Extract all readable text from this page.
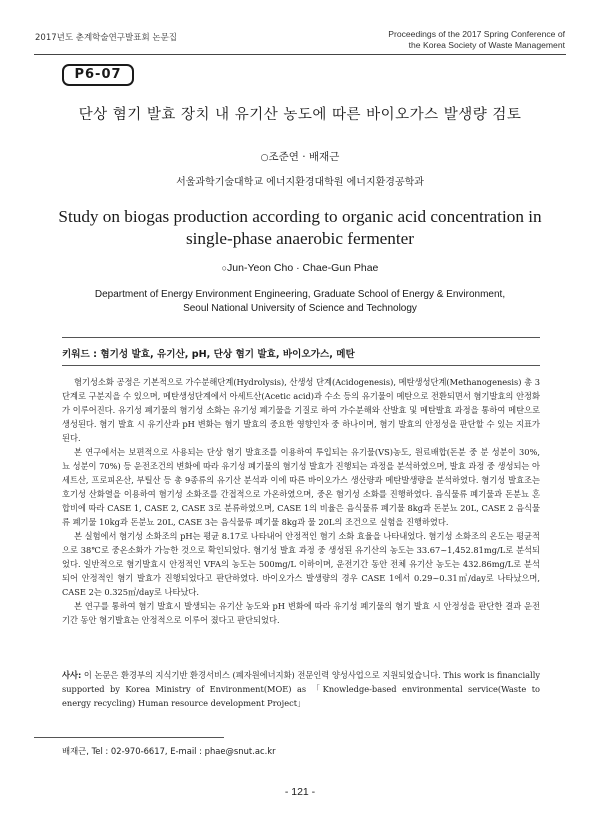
2017년도 춘계학술연구발표회 논문집	Proceedings of the 2017 Spring Conference of
the Korea Society of Waste Management
P6-07
단상 혐기 발효 장치 내 유기산 농도에 따른 바이오가스 발생량 검토
○조준연 · 배재근
서울과학기술대학교 에너지환경대학원 에너지환경공학과
Study on biogas production according to organic acid concentration in
single-phase anaerobic fermenter
○Jun-Yeon Cho · Chae-Gun Phae
Department of Energy Environment Engineering, Graduate School of Energy & Environment,
Seoul National University of Science and Technology
키워드 : 혐기성 발효, 유기산, pH, 단상 혐기 발효, 바이오가스, 메탄

혐기성소화 공정은 기본적으로 가수분해단계(Hydrolysis), 산생성 단계(Acidogenesis), 메탄생성단계(Methanogenesis) 총 3단계로 구분지을 수 있으며, 메탄생성단계에서 아세트산(Acetic acid)과 수소 등의 유기물이 메탄으로 전환되면서 혐기발효의 안정화가 이루어진다. 유기성 폐기물의 혐기성 소화는 유기성 폐기물을 기질로 하여 가수분해와 산발효 및 메탄발효 과정을 통하여 메탄으로 생성된다. 혐기 발효 시 유기산과 pH 변화는 혐기 발효의 중요한 영향인자 중 하나이며, 혐기 발효의 안정성을 판단할 수 있는 지표가 된다.

본 연구에서는 보편적으로 사용되는 단상 혐기 발효조를 이용하여 투입되는 유기물(VS)농도, 원료배합(돈분 중 분 성분이 30%, 뇨 성분이 70%) 등 운전조건의 변화에 따라 유기성 폐기물의 혐기성 발효가 진행되는 과정을 분석하였으며, 발효 과정 중 생성되는 아세트산, 프로피온산, 부틸산 등 총 9종류의 유기산 분석과 이에 따른 바이오가스 생산량과 메탄발생량을 분석하였다. 혐기성 발효조는 호기성 산화열을 이용하여 혐기성 소화조를 간접적으로 가온하였으며, 중온 혐기성 소화를 진행하였다. 음식물류 폐기물과 돈분뇨 혼합비에 따라 CASE 1, CASE 2, CASE 3로 분류하였으며, CASE 1의 비율은 음식물류 폐기물 8kg과 돈분뇨 20L, CASE 2 음식물류 폐기물 10kg과 돈분뇨 20L, CASE 3는 음식물류 폐기물 8kg과 물 20L의 조건으로 실험을 진행하였다.

본 실험에서 혐기성 소화조의 pH는 평균 8.17로 나타내어 안정적인 혐기 소화 효율을 나타내었다. 혐기성 소화조의 온도는 평균적으로 38℃로 중온소화가 가능한 것으로 확인되었다. 혐기성 발효 과정 중 생성된 유기산의 농도는 33.67~1,452.81mg/L로 분석되었다. 일반적으로 혐기발효시 안정적인 VFA의 농도는 500mg/L 이하이며, 운전기간 동안 전체 유기산 농도는 432.86mg/L로 분석되어 안정적인 혐기 발효가 진행되었다고 판단하였다. 바이오가스 발생량의 경우 CASE 1에서 0.29~0.31㎥/day로 나타났으며, CASE 2는 0.325㎥/day로 나타났다.

본 연구를 통하여 혐기 발효시 발생되는 유기산 농도와 pH 변화에 따라 유기성 폐기물의 혐기 발효 시 안정성을 판단한 결과 운전기간 동안 혐기발효는 안정적으로 이루어 졌다고 판단되었다.

사사: 이 논문은 환경부의 지식기반 환경서비스 (폐자원에너지화) 전문인력 양성사업으로 지원되었습니다. This work is financially supported by Korea Ministry of Environment(MOE) as 「Knowledge-based environmental service(Waste to energy recycling) Human resource development Project」
배재근, Tel : 02-970-6617, E-mail : phae@snut.ac.kr
- 121 -
